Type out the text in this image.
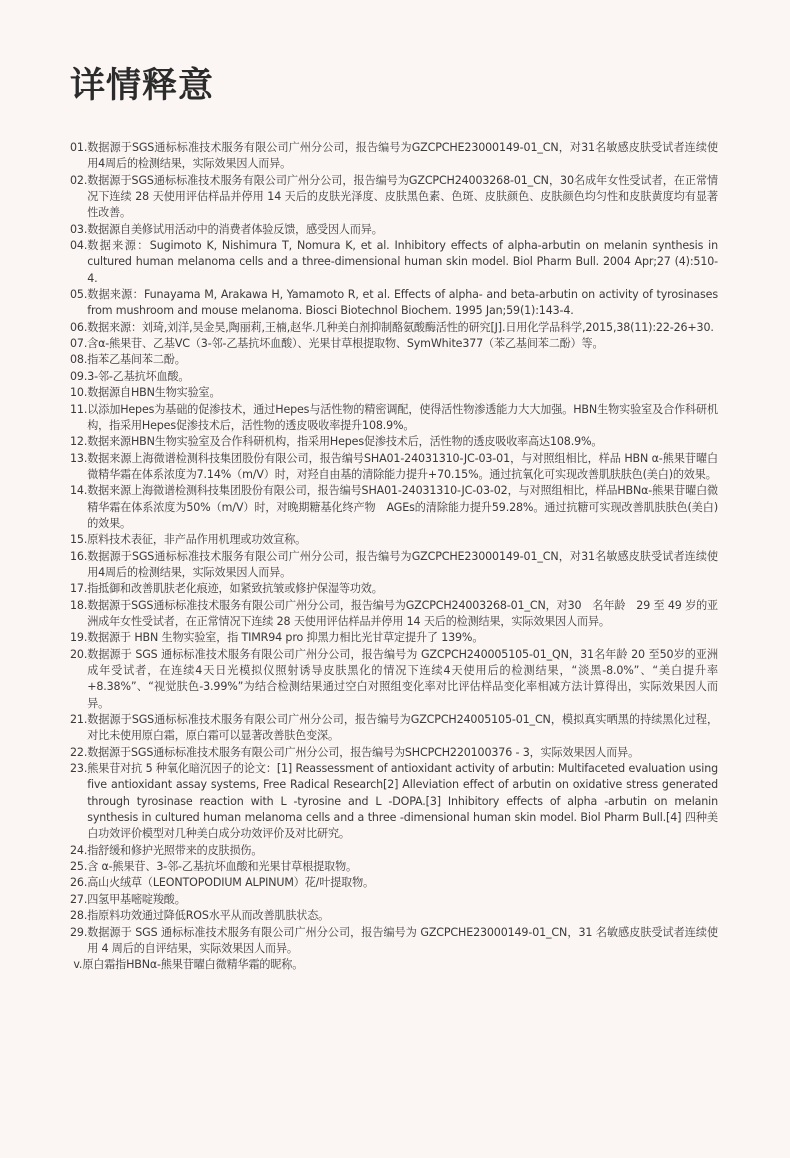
详情释意
01. 数据源于SGS通标标准技术服务有限公司广州分公司，报告编号为GZCPCHE23000149-01_CN，对31名敏感皮肤受试者连续使用4周后的检测结果，实际效果因人而异。
02. 数据源于SGS通标标准技术服务有限公司广州分公司，报告编号为GZCPCH24003268-01_CN，30名成年女性受试者，在正常情况下连续 28 天使用评估样品并停用 14 天后的皮肤光泽度、皮肤黑色素、色斑、皮肤颜色、皮肤颜色均匀性和皮肤黄度均有显著性改善。
03. 数据源自美修试用活动中的消费者体验反馈，感受因人而异。
04. 数据来源：Sugimoto K, Nishimura T, Nomura K, et al. Inhibitory effects of alpha-arbutin on melanin synthesis in cultured human melanoma cells and a three-dimensional human skin model. Biol Pharm Bull. 2004 Apr;27 (4):510-4.
05. 数据来源：Funayama M, Arakawa H, Yamamoto R, et al. Effects of alpha- and beta-arbutin on activity of tyrosinases from mushroom and mouse melanoma. Biosci Biotechnol Biochem. 1995 Jan;59(1):143-4.
06. 数据来源：刘琦,刘洋,吴金昊,陶丽莉,王楠,赵华.几种美白剂抑制酪氨酸酶活性的研究[J].日用化学品科学,2015,38(11):22-26+30.
07. 含α-熊果苷、乙基VC（3-邻-乙基抗坏血酸）、光果甘草根提取物、SymWhite377（苯乙基间苯二酚）等。
08. 指苯乙基间苯二酚。
09. 3-邻-乙基抗坏血酸。
10. 数据源自HBN生物实验室。
11. 以添加Hepes为基础的促渗技术，通过Hepes与活性物的精密调配，使得活性物渗透能力大大加强。HBN生物实验室及合作科研机构，指采用Hepes促渗技术后，活性物的透皮吸收率提升108.9%。
12. 数据来源HBN生物实验室及合作科研机构，指采用Hepes促渗技术后，活性物的透皮吸收率高达108.9%。
13. 数据来源上海微谱检测科技集团股份有限公司，报告编号SHA01-24031310-JC-03-01，与对照组相比，样品 HBN α-熊果苷曜白微精华霜在体系浓度为7.14%（m/V）时，对羟自由基的清除能力提升+70.15%。通过抗氧化可实现改善肌肤肤色(美白)的效果。
14. 数据来源上海微谱检测科技集团股份有限公司，报告编号SHA01-24031310-JC-03-02，与对照组相比，样品HBNα-熊果苷曜白微精华霜在体系浓度为50%（m/V）时，对晚期糖基化终产物　AGEs的清除能力提升59.28%。通过抗糖可实现改善肌肤肤色(美白)的效果。
15. 原料技术表征，非产品作用机理或功效宣称。
16. 数据源于SGS通标标准技术服务有限公司广州分公司，报告编号为GZCPCHE23000149-01_CN，对31名敏感皮肤受试者连续使用4周后的检测结果，实际效果因人而异。
17. 指抵御和改善肌肤老化痕迹，如紧致抗皱或修护保湿等功效。
18. 数据源于SGS通标标准技术服务有限公司广州分公司，报告编号为GZCPCH24003268-01_CN，对30　名年龄　29 至 49 岁的亚洲成年女性受试者，在正常情况下连续 28 天使用评估样品并停用 14 天后的检测结果，实际效果因人而异。
19. 数据源于 HBN 生物实验室，指 TIMR94 pro 抑黑力相比光甘草定提升了 139%。
20. 数据源于 SGS 通标标准技术服务有限公司广州分公司，报告编号为 GZCPCH240005105-01_QN，31名年龄 20 至50岁的亚洲成年受试者，在连续4天日光模拟仪照射诱导皮肤黑化的情况下连续4天使用后的检测结果，“淡黑-8.0%”、“美白提升率+8.38%”、“视觉肤色-3.99%”为结合检测结果通过空白对照组变化率对比评估样品变化率相减方法计算得出，实际效果因人而异。
21. 数据源于SGS通标标准技术服务有限公司广州分公司，报告编号为GZCPCH24005105-01_CN，模拟真实晒黑的持续黑化过程，对比未使用原白霜，原白霜可以显著改善肤色变深。
22. 数据源于SGS通标标准技术服务有限公司广州分公司，报告编号为SHCPCH220100376 - 3，实际效果因人而异。
23. 熊果苷对抗 5 种氧化暗沉因子的论文：[1] Reassessment of antioxidant activity of arbutin: Multifaceted evaluation using five antioxidant assay systems, Free Radical Research[2] Alleviation effect of arbutin on oxidative stress generated through tyrosinase reaction with L -tyrosine and L -DOPA.[3] Inhibitory effects of alpha -arbutin on melanin synthesis in cultured human melanoma cells and a three -dimensional human skin model. Biol Pharm Bull.[4] 四种美白功效评价模型对几种美白成分功效评价及对比研究。
24. 指舒缓和修护光照带来的皮肤损伤。
25. 含 α-熊果苷、3-邻-乙基抗坏血酸和光果甘草根提取物。
26. 高山火绒草（LEONTOPODIUM ALPINUM）花/叶提取物。
27. 四氢甲基嘧啶羧酸。
28. 指原料功效通过降低ROS水平从而改善肌肤状态。
29. 数据源于 SGS 通标标准技术服务有限公司广州分公司，报告编号为 GZCPCHE23000149-01_CN，31 名敏感皮肤受试者连续使用 4 周后的自评结果，实际效果因人而异。
v. 原白霜指HBNα-熊果苷曜白微精华霜的昵称。
